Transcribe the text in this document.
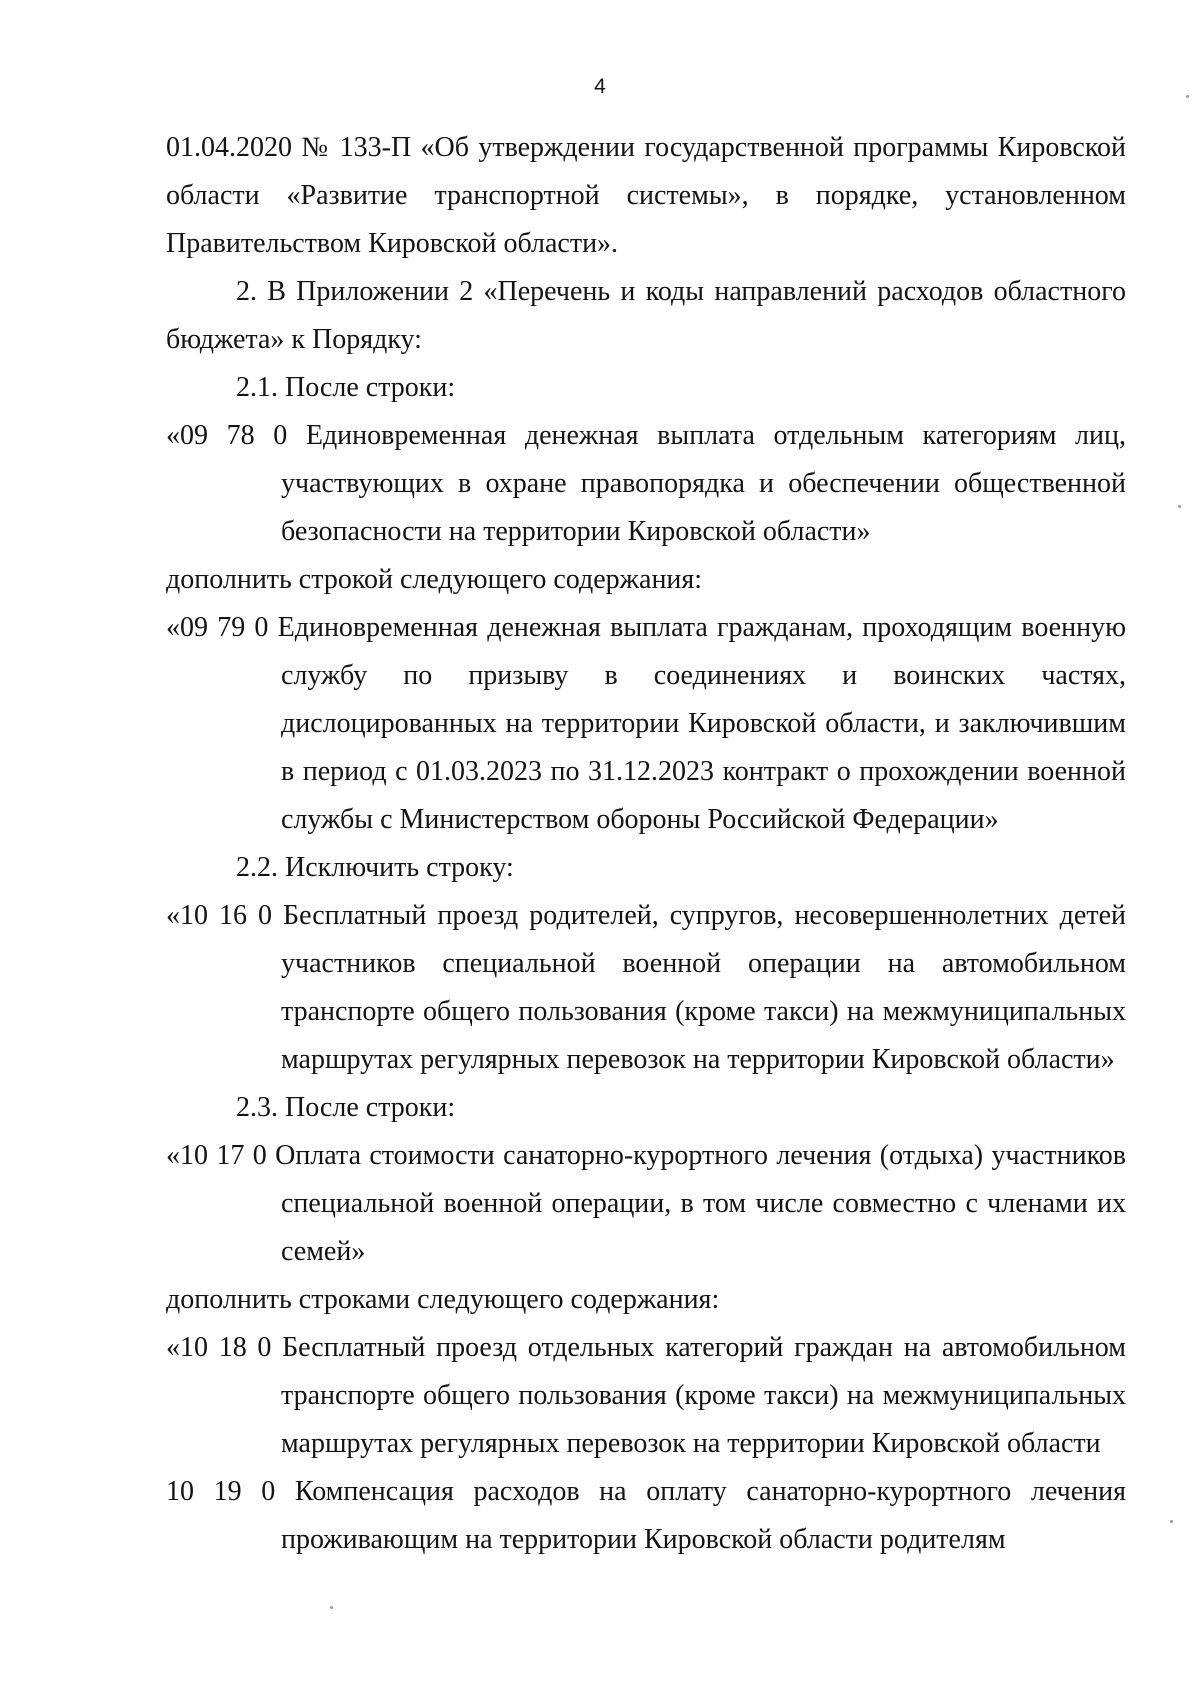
4

01.04.2020 № 133-П «Об утверждении государственной программы Кировской области «Развитие транспортной системы», в порядке, установленном Правительством Кировской области».

2. В Приложении 2 «Перечень и коды направлений расходов областного бюджета» к Порядку:

2.1. После строки:

«09 78 0 Единовременная денежная выплата отдельным категориям лиц, участвующих в охране правопорядка и обеспечении общественной безопасности на территории Кировской области»

дополнить строкой следующего содержания:

«09 79 0 Единовременная денежная выплата гражданам, проходящим военную службу по призыву в соединениях и воинских частях, дислоцированных на территории Кировской области, и заключившим в период с 01.03.2023 по 31.12.2023 контракт о прохождении военной службы с Министерством обороны Российской Федерации»

2.2. Исключить строку:

«10 16 0 Бесплатный проезд родителей, супругов, несовершеннолетних детей участников специальной военной операции на автомобильном транспорте общего пользования (кроме такси) на межмуниципальных маршрутах регулярных перевозок на территории Кировской области»

2.3. После строки:

«10 17 0 Оплата стоимости санаторно-курортного лечения (отдыха) участников специальной военной операции, в том числе совместно с членами их семей»

дополнить строками следующего содержания:

«10 18 0 Бесплатный проезд отдельных категорий граждан на автомобильном транспорте общего пользования (кроме такси) на межмуниципальных маршрутах регулярных перевозок на территории Кировской области

10 19 0 Компенсация расходов на оплату санаторно-курортного лечения проживающим на территории Кировской области родителям
